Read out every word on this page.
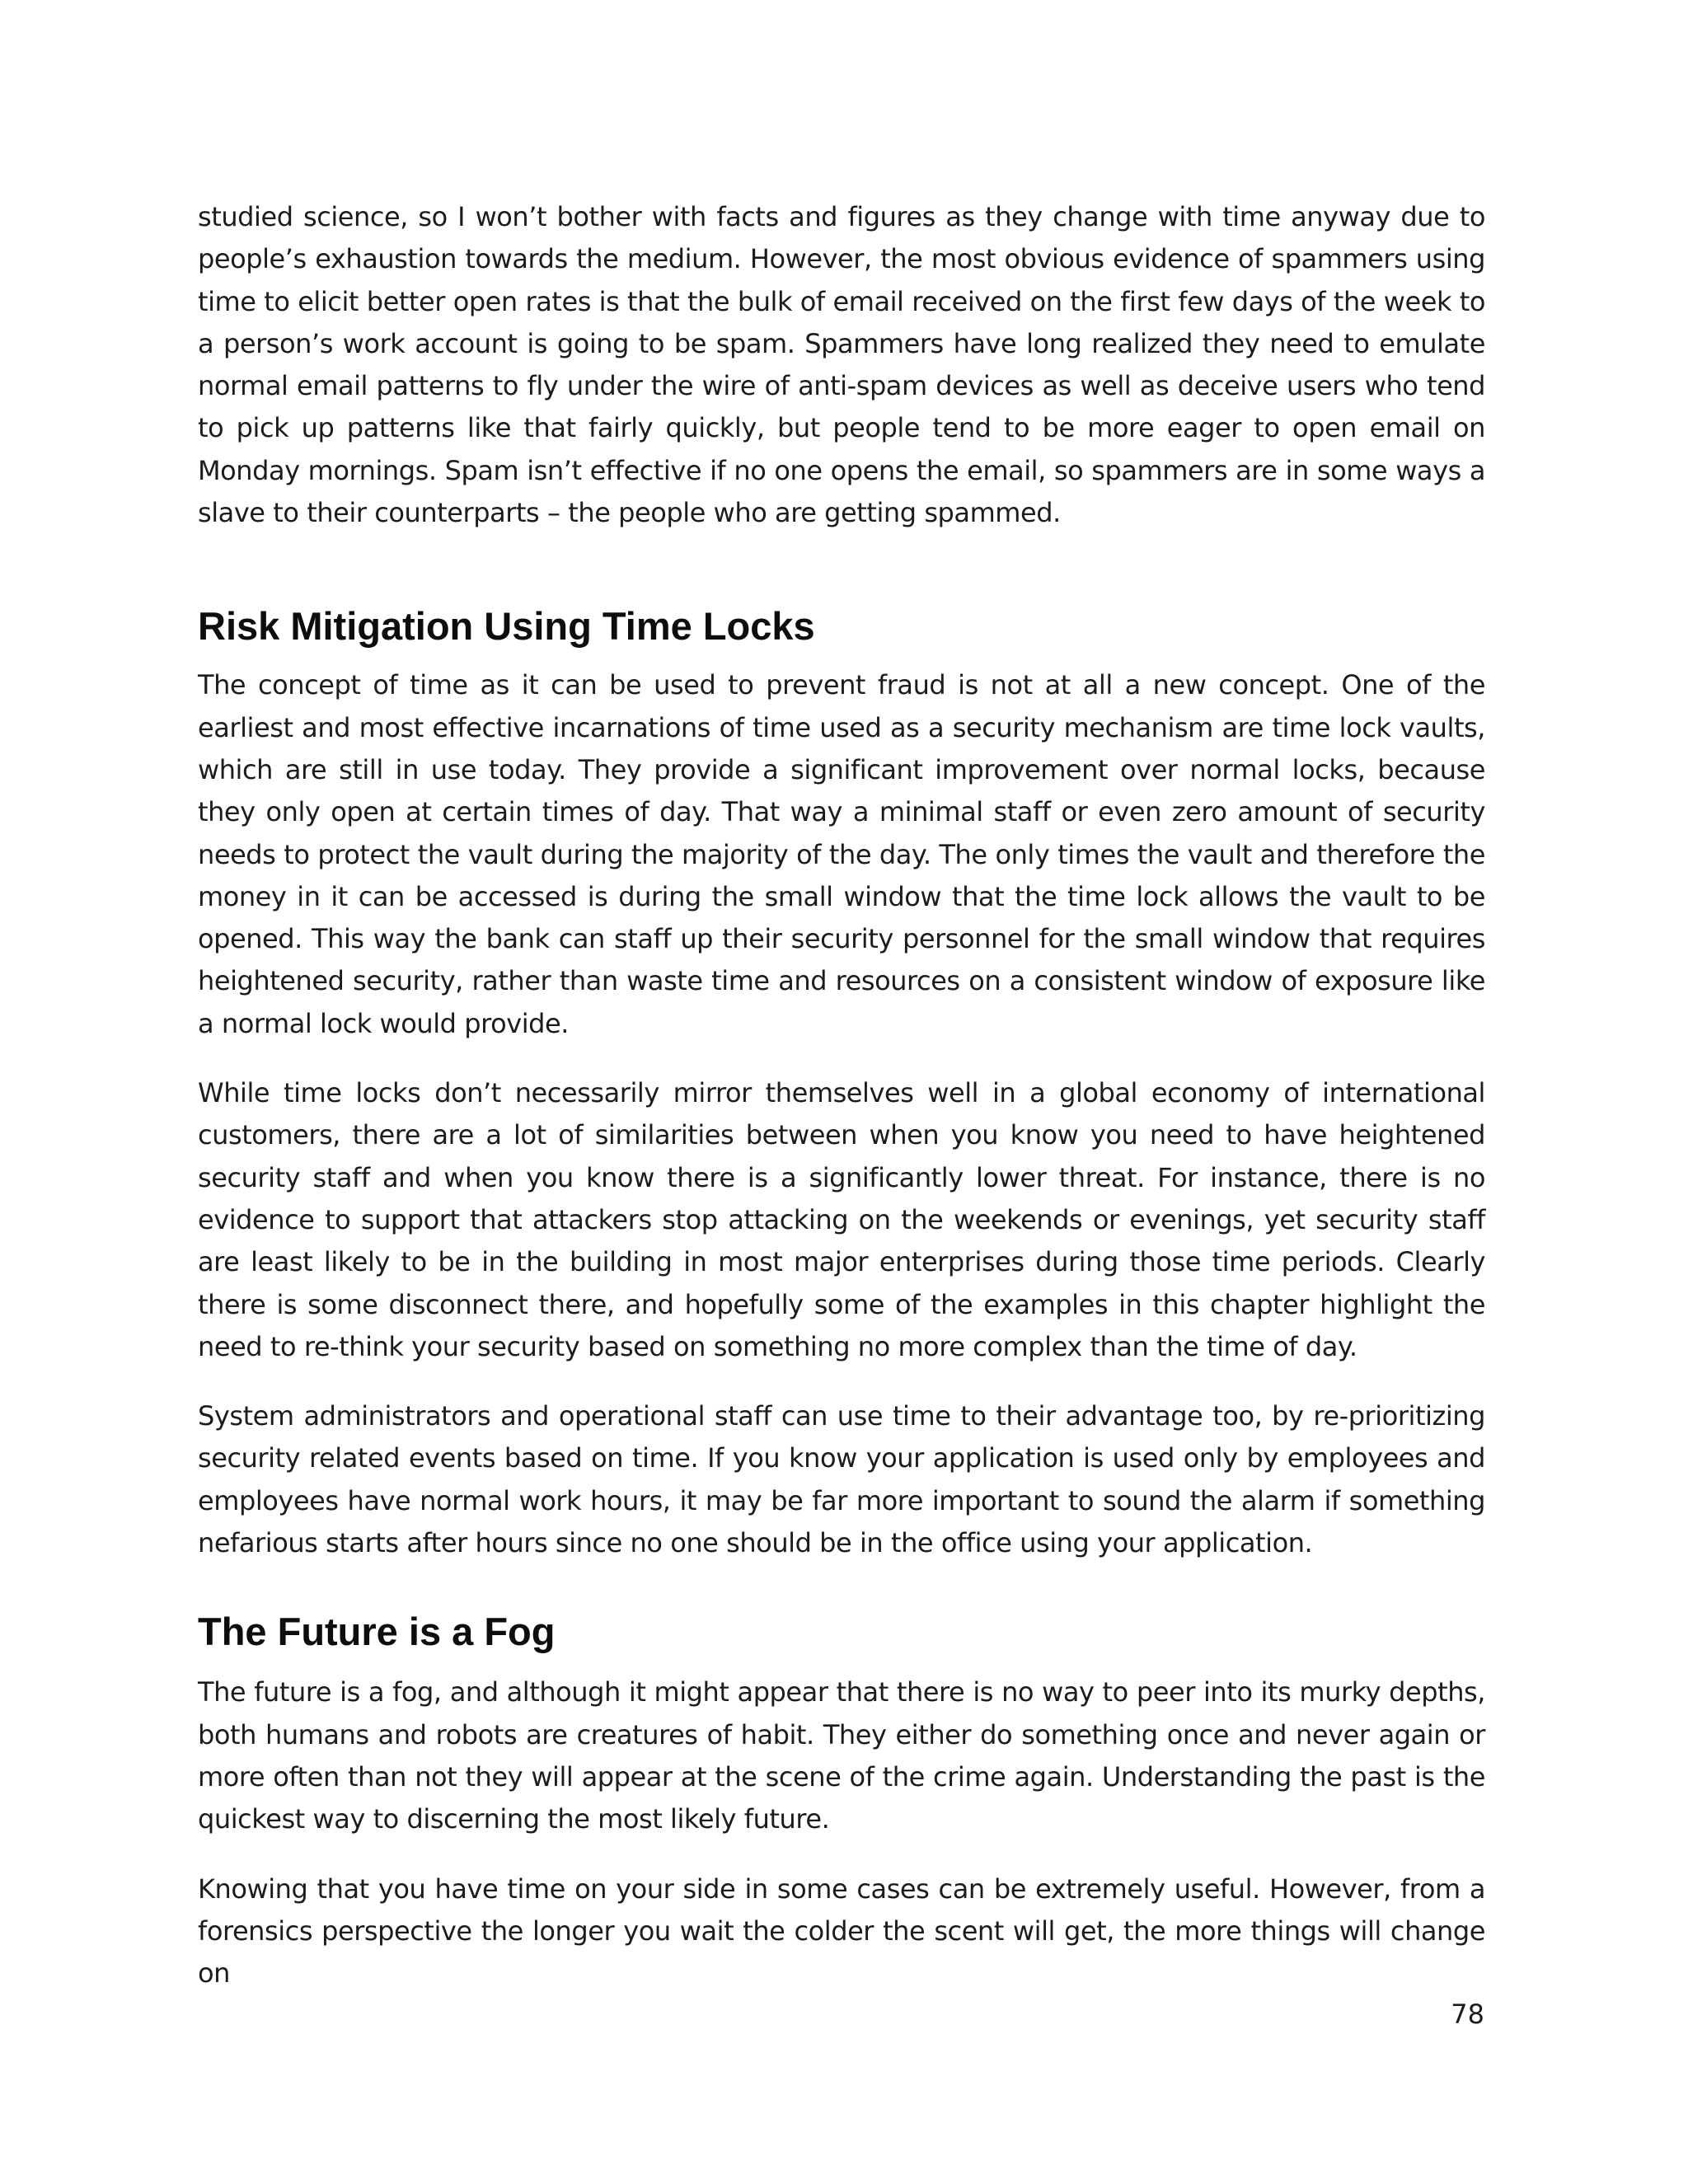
studied science, so I won’t bother with facts and figures as they change with time anyway due to people’s exhaustion towards the medium. However, the most obvious evidence of spammers using time to elicit better open rates is that the bulk of email received on the first few days of the week to a person’s work account is going to be spam. Spammers have long realized they need to emulate normal email patterns to fly under the wire of anti-spam devices as well as deceive users who tend to pick up patterns like that fairly quickly, but people tend to be more eager to open email on Monday mornings. Spam isn’t effective if no one opens the email, so spammers are in some ways a slave to their counterparts – the people who are getting spammed.

Risk Mitigation Using Time Locks

The concept of time as it can be used to prevent fraud is not at all a new concept. One of the earliest and most effective incarnations of time used as a security mechanism are time lock vaults, which are still in use today. They provide a significant improvement over normal locks, because they only open at certain times of day. That way a minimal staff or even zero amount of security needs to protect the vault during the majority of the day. The only times the vault and therefore the money in it can be accessed is during the small window that the time lock allows the vault to be opened. This way the bank can staff up their security personnel for the small window that requires heightened security, rather than waste time and resources on a consistent window of exposure like a normal lock would provide.

While time locks don’t necessarily mirror themselves well in a global economy of international customers, there are a lot of similarities between when you know you need to have heightened security staff and when you know there is a significantly lower threat. For instance, there is no evidence to support that attackers stop attacking on the weekends or evenings, yet security staff are least likely to be in the building in most major enterprises during those time periods. Clearly there is some disconnect there, and hopefully some of the examples in this chapter highlight the need to re-think your security based on something no more complex than the time of day.

System administrators and operational staff can use time to their advantage too, by re-prioritizing security related events based on time. If you know your application is used only by employees and employees have normal work hours, it may be far more important to sound the alarm if something nefarious starts after hours since no one should be in the office using your application.

The Future is a Fog

The future is a fog, and although it might appear that there is no way to peer into its murky depths, both humans and robots are creatures of habit. They either do something once and never again or more often than not they will appear at the scene of the crime again. Understanding the past is the quickest way to discerning the most likely future.

Knowing that you have time on your side in some cases can be extremely useful. However, from a forensics perspective the longer you wait the colder the scent will get, the more things will change on

78
